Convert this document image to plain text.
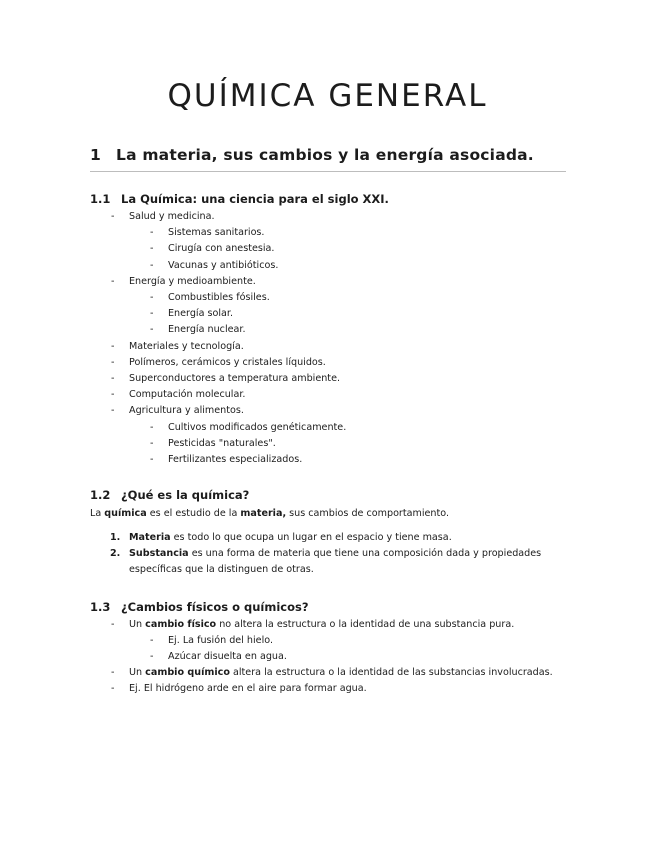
QUÍMICA GENERAL
1 La materia, sus cambios y la energía asociada.
1.1 La Química: una ciencia para el siglo XXI.
- Salud y medicina.
- Sistemas sanitarios.
- Cirugía con anestesia.
- Vacunas y antibióticos.
- Energía y medioambiente.
- Combustibles fósiles.
- Energía solar.
- Energía nuclear.
- Materiales y tecnología.
- Polímeros, cerámicos y cristales líquidos.
- Superconductores a temperatura ambiente.
- Computación molecular.
- Agricultura y alimentos.
- Cultivos modificados genéticamente.
- Pesticidas "naturales".
- Fertilizantes especializados.
1.2 ¿Qué es la química?
La química es el estudio de la materia, sus cambios de comportamiento.
1. Materia es todo lo que ocupa un lugar en el espacio y tiene masa.
2. Substancia es una forma de materia que tiene una composición dada y propiedades
específicas que la distinguen de otras.
1.3 ¿Cambios físicos o químicos?
- Un cambio físico no altera la estructura o la identidad de una substancia pura.
- Ej. La fusión del hielo.
- Azúcar disuelta en agua.
- Un cambio químico altera la estructura o la identidad de las substancias involucradas.
- Ej. El hidrógeno arde en el aire para formar agua.
